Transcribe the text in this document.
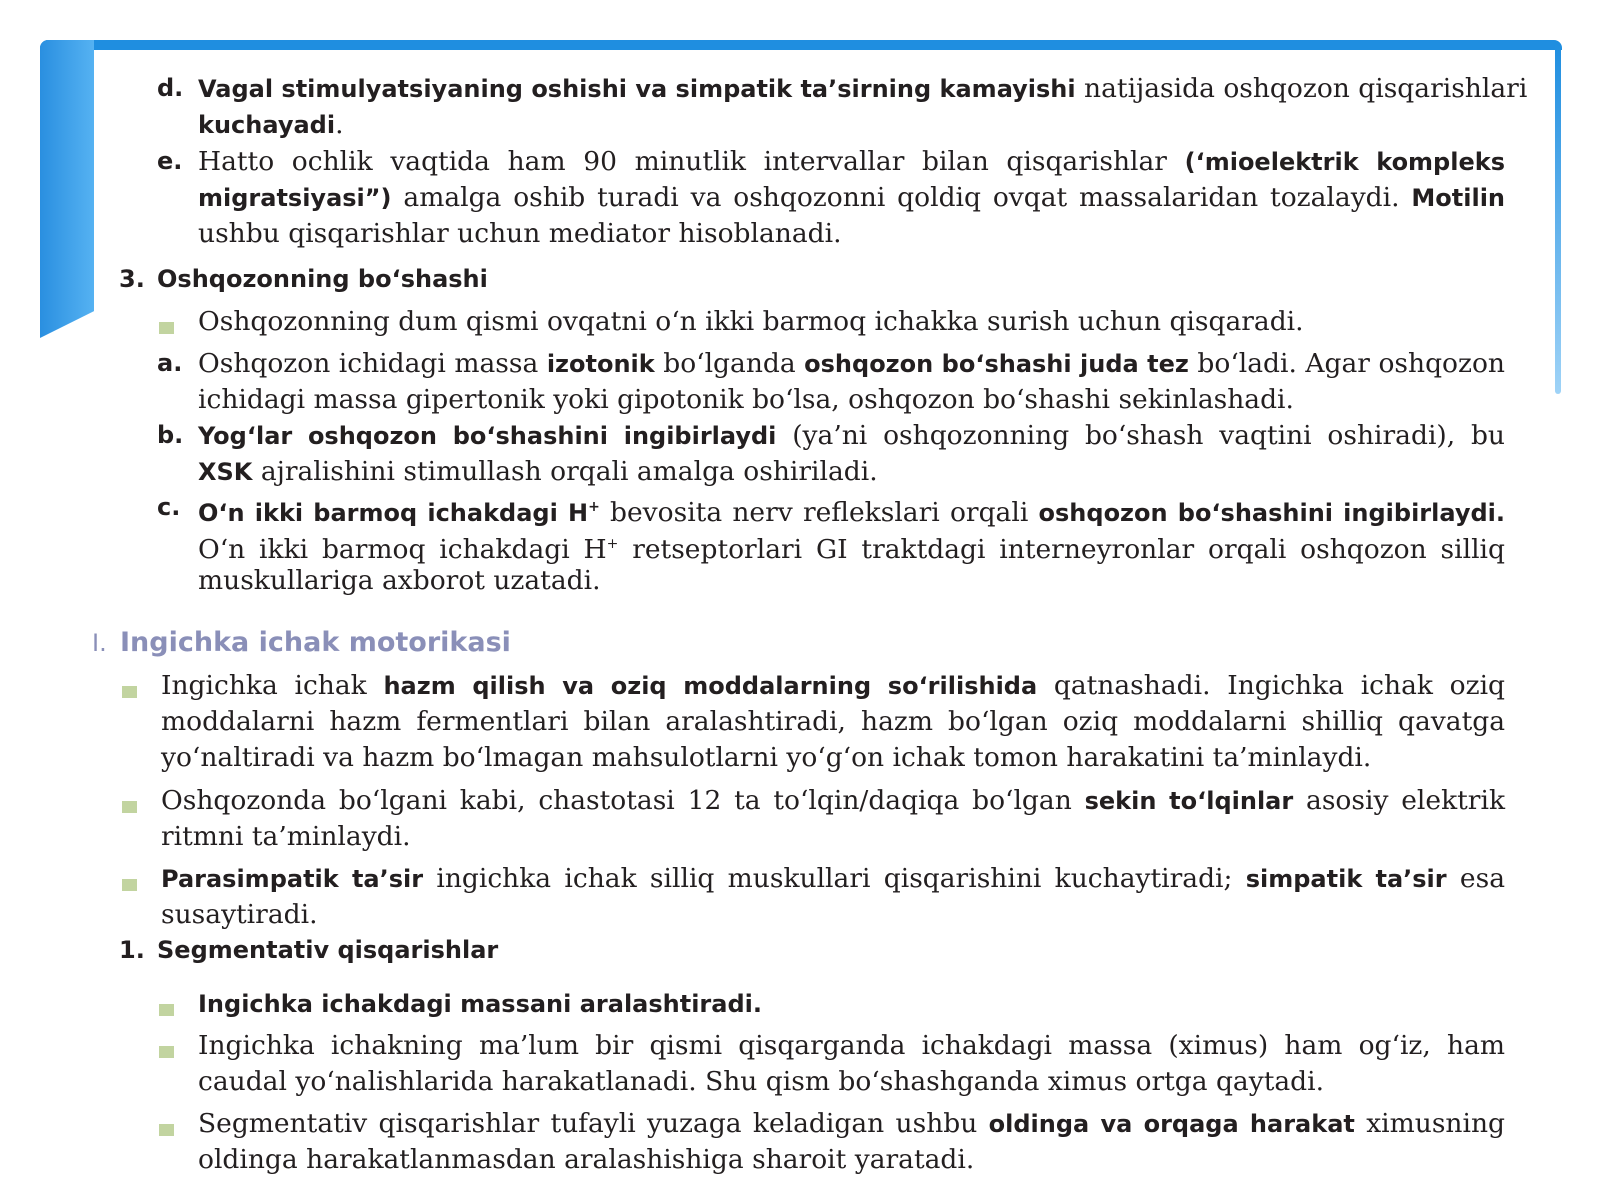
d. Vagal stimulyatsiyaning oshishi va simpatik ta’sirning kamayishi natijasida oshqozon qisqarishlari
kuchayadi.
e. Hatto ochlik vaqtida ham 90 minutlik intervallar bilan qisqarishlar (‘mioelektrik kompleks
migratsiyasi”) amalga oshib turadi va oshqozonni qoldiq ovqat massalaridan tozalaydi. Motilin
ushbu qisqarishlar uchun mediator hisoblanadi.
3. Oshqozonning bo‘shashi
Oshqozonning dum qismi ovqatni o‘n ikki barmoq ichakka surish uchun qisqaradi.
a. Oshqozon ichidagi massa izotonik bo‘lganda oshqozon bo‘shashi juda tez bo‘ladi. Agar oshqozon
ichidagi massa gipertonik yoki gipotonik bo‘lsa, oshqozon bo‘shashi sekinlashadi.
b. Yog‘lar oshqozon bo‘shashini ingibirlaydi (ya’ni oshqozonning bo‘shash vaqtini oshiradi), bu
XSK ajralishini stimullash orqali amalga oshiriladi.
c. O‘n ikki barmoq ichakdagi H+ bevosita nerv reflekslari orqali oshqozon bo‘shashini ingibirlaydi.
O‘n ikki barmoq ichakdagi H+ retseptorlari GI traktdagi interneyronlar orqali oshqozon silliq
muskullariga axborot uzatadi.
I. Ingichka ichak motorikasi
Ingichka ichak hazm qilish va oziq moddalarning so‘rilishida qatnashadi. Ingichka ichak oziq
moddalarni hazm fermentlari bilan aralashtiradi, hazm bo‘lgan oziq moddalarni shilliq qavatga
yo‘naltiradi va hazm bo‘lmagan mahsulotlarni yo‘g‘on ichak tomon harakatini ta’minlaydi.
Oshqozonda bo‘lgani kabi, chastotasi 12 ta to‘lqin/daqiqa bo‘lgan sekin to‘lqinlar asosiy elektrik
ritmni ta’minlaydi.
Parasimpatik ta’sir ingichka ichak silliq muskullari qisqarishini kuchaytiradi; simpatik ta’sir esa
susaytiradi.
1. Segmentativ qisqarishlar
Ingichka ichakdagi massani aralashtiradi.
Ingichka ichakning ma’lum bir qismi qisqarganda ichakdagi massa (ximus) ham og‘iz, ham
caudal yo‘nalishlarida harakatlanadi. Shu qism bo‘shashganda ximus ortga qaytadi.
Segmentativ qisqarishlar tufayli yuzaga keladigan ushbu oldinga va orqaga harakat ximusning
oldinga harakatlanmasdan aralashishiga sharoit yaratadi.
